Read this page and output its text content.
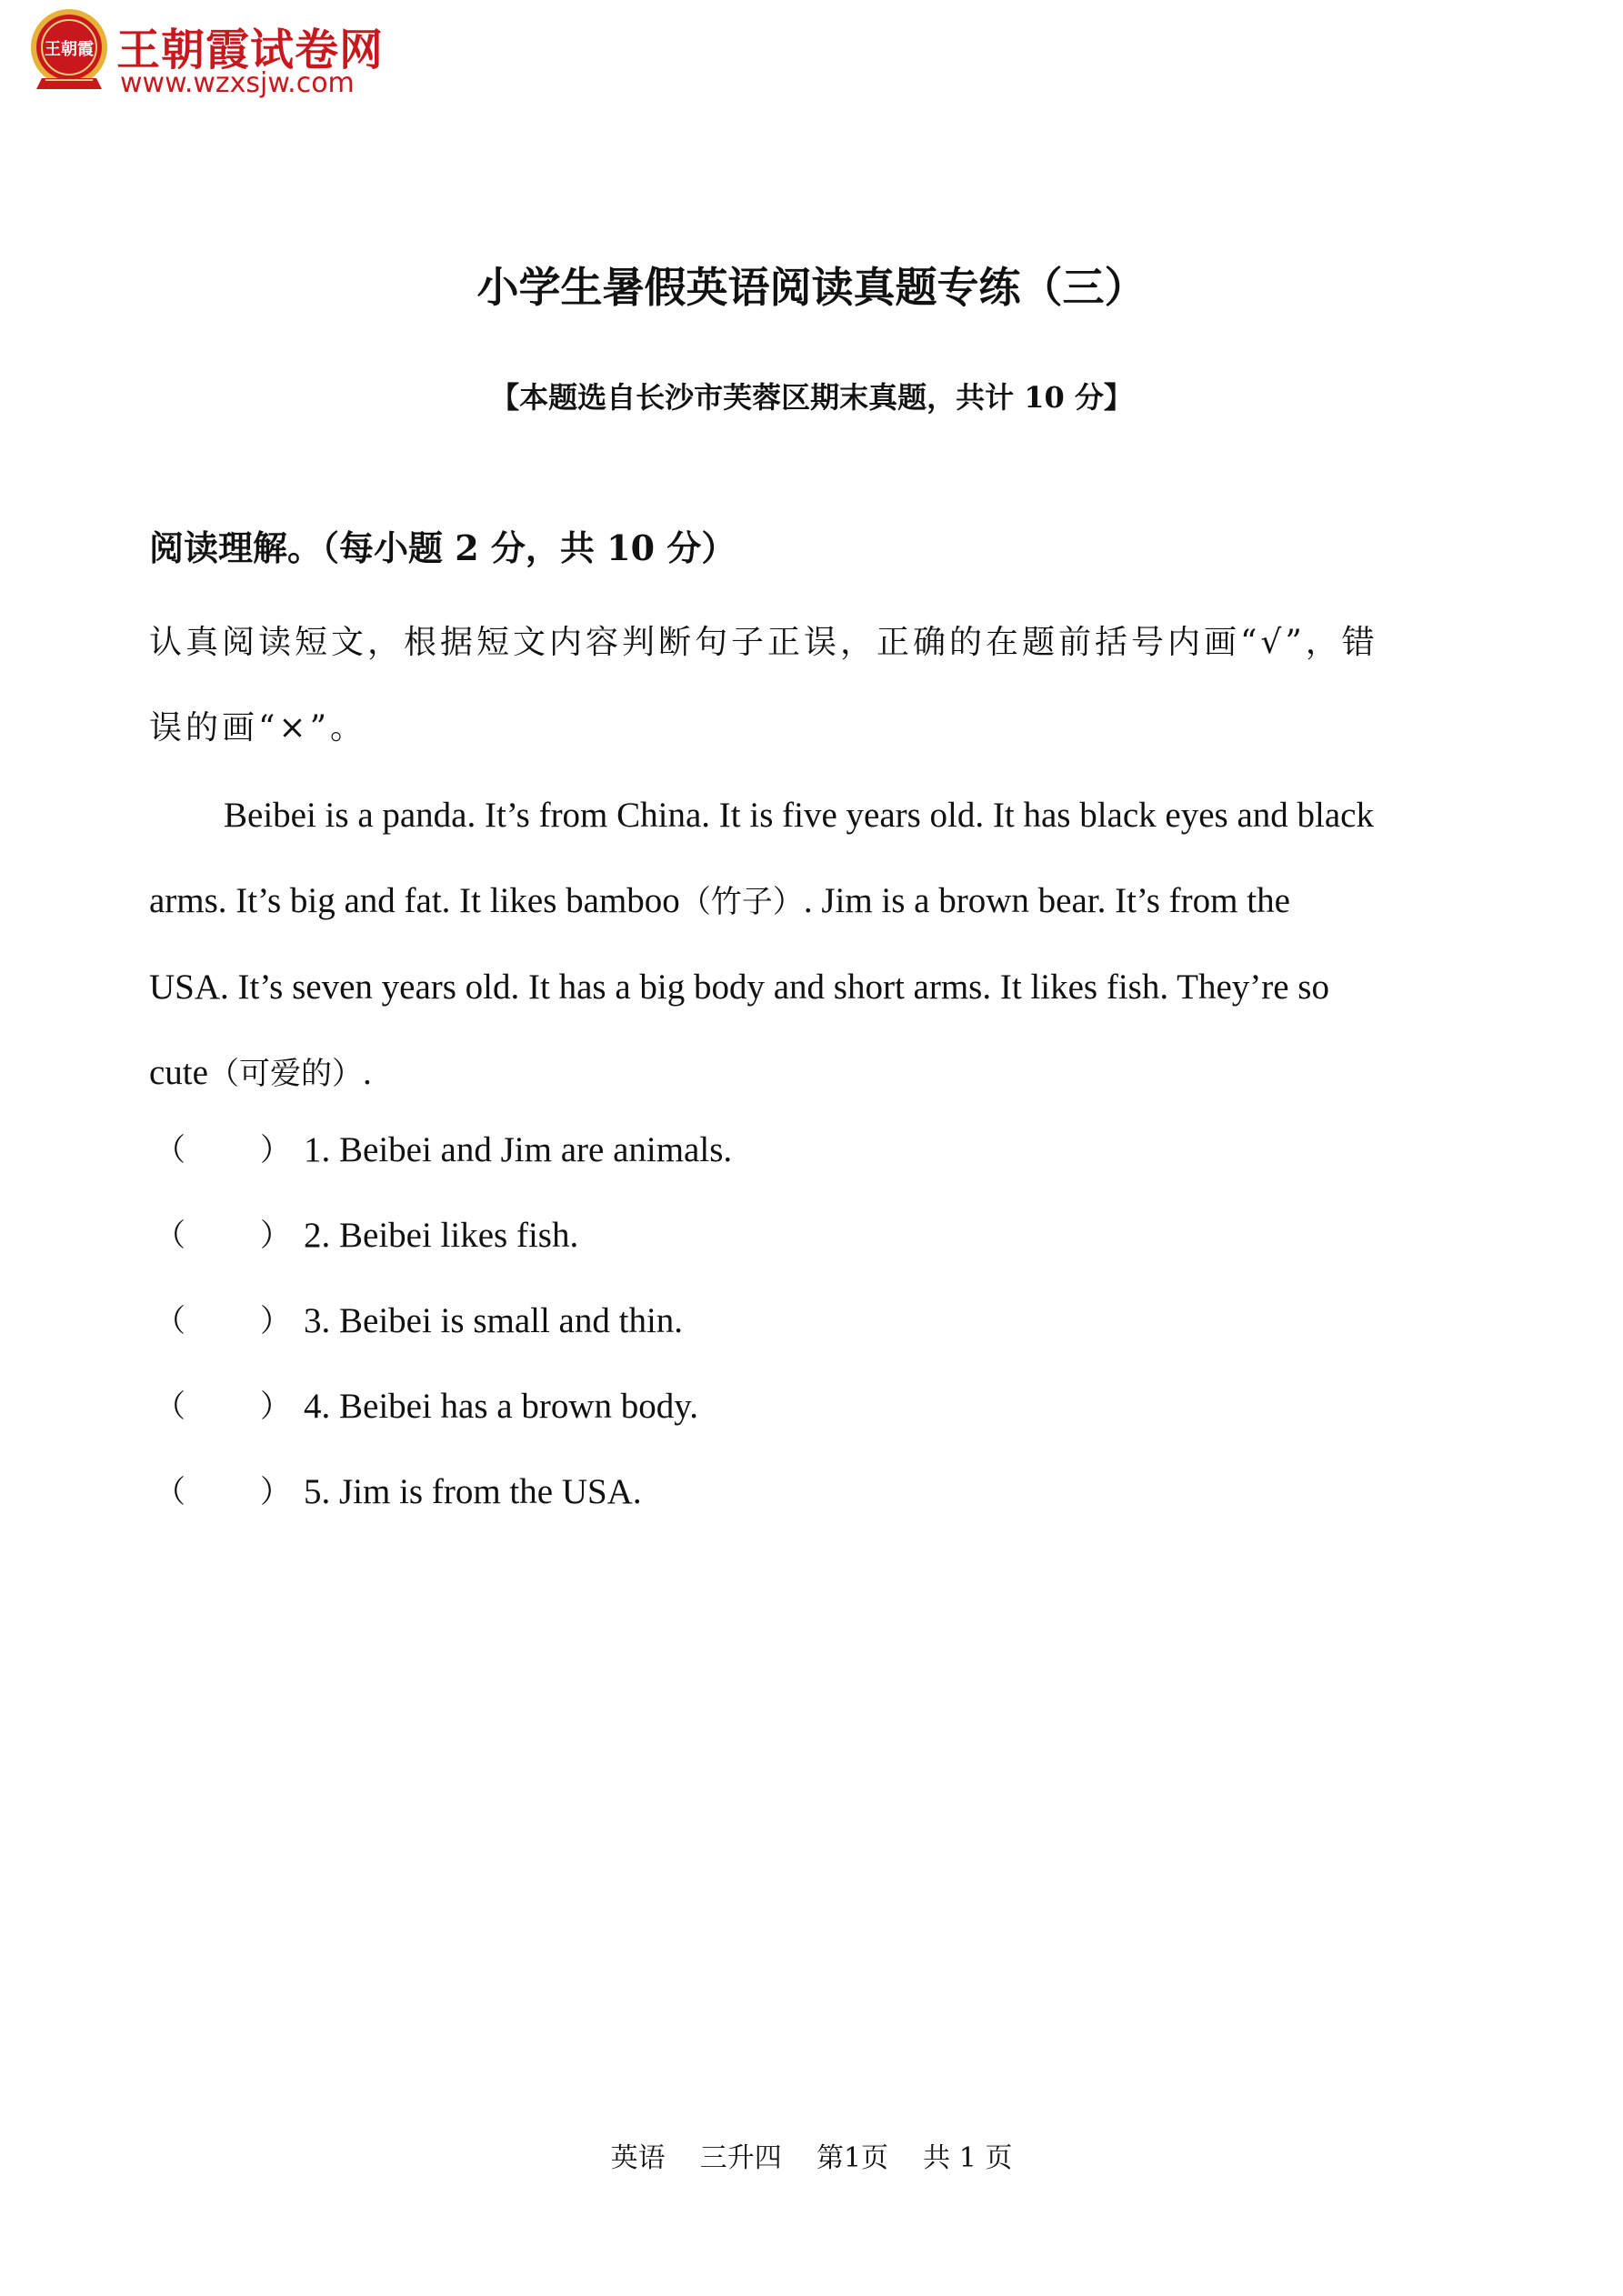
王朝霞 王朝霞试卷网
www.wzxsjw.com
小学生暑假英语阅读真题专练（三）
【本题选自长沙市芙蓉区期末真题，共计 10 分】
阅读理解。（每小题 2 分，共 10 分）
认真阅读短文，根据短文内容判断句子正误，正确的在题前括号内画“√”，错
误的画“×”。
Beibei is a panda. It’s from China. It is five years old. It has black eyes and black
arms. It’s big and fat. It likes bamboo（竹子）. Jim is a brown bear. It’s from the
USA. It’s seven years old. It has a big body and short arms. It likes fish. They’re so
cute（可爱的）.
（ ） 1. Beibei and Jim are animals.
（ ） 2. Beibei likes fish.
（ ） 3. Beibei is small and thin.
（ ） 4. Beibei has a brown body.
（ ） 5. Jim is from the USA.
英语    三升四    第1页    共 1 页
